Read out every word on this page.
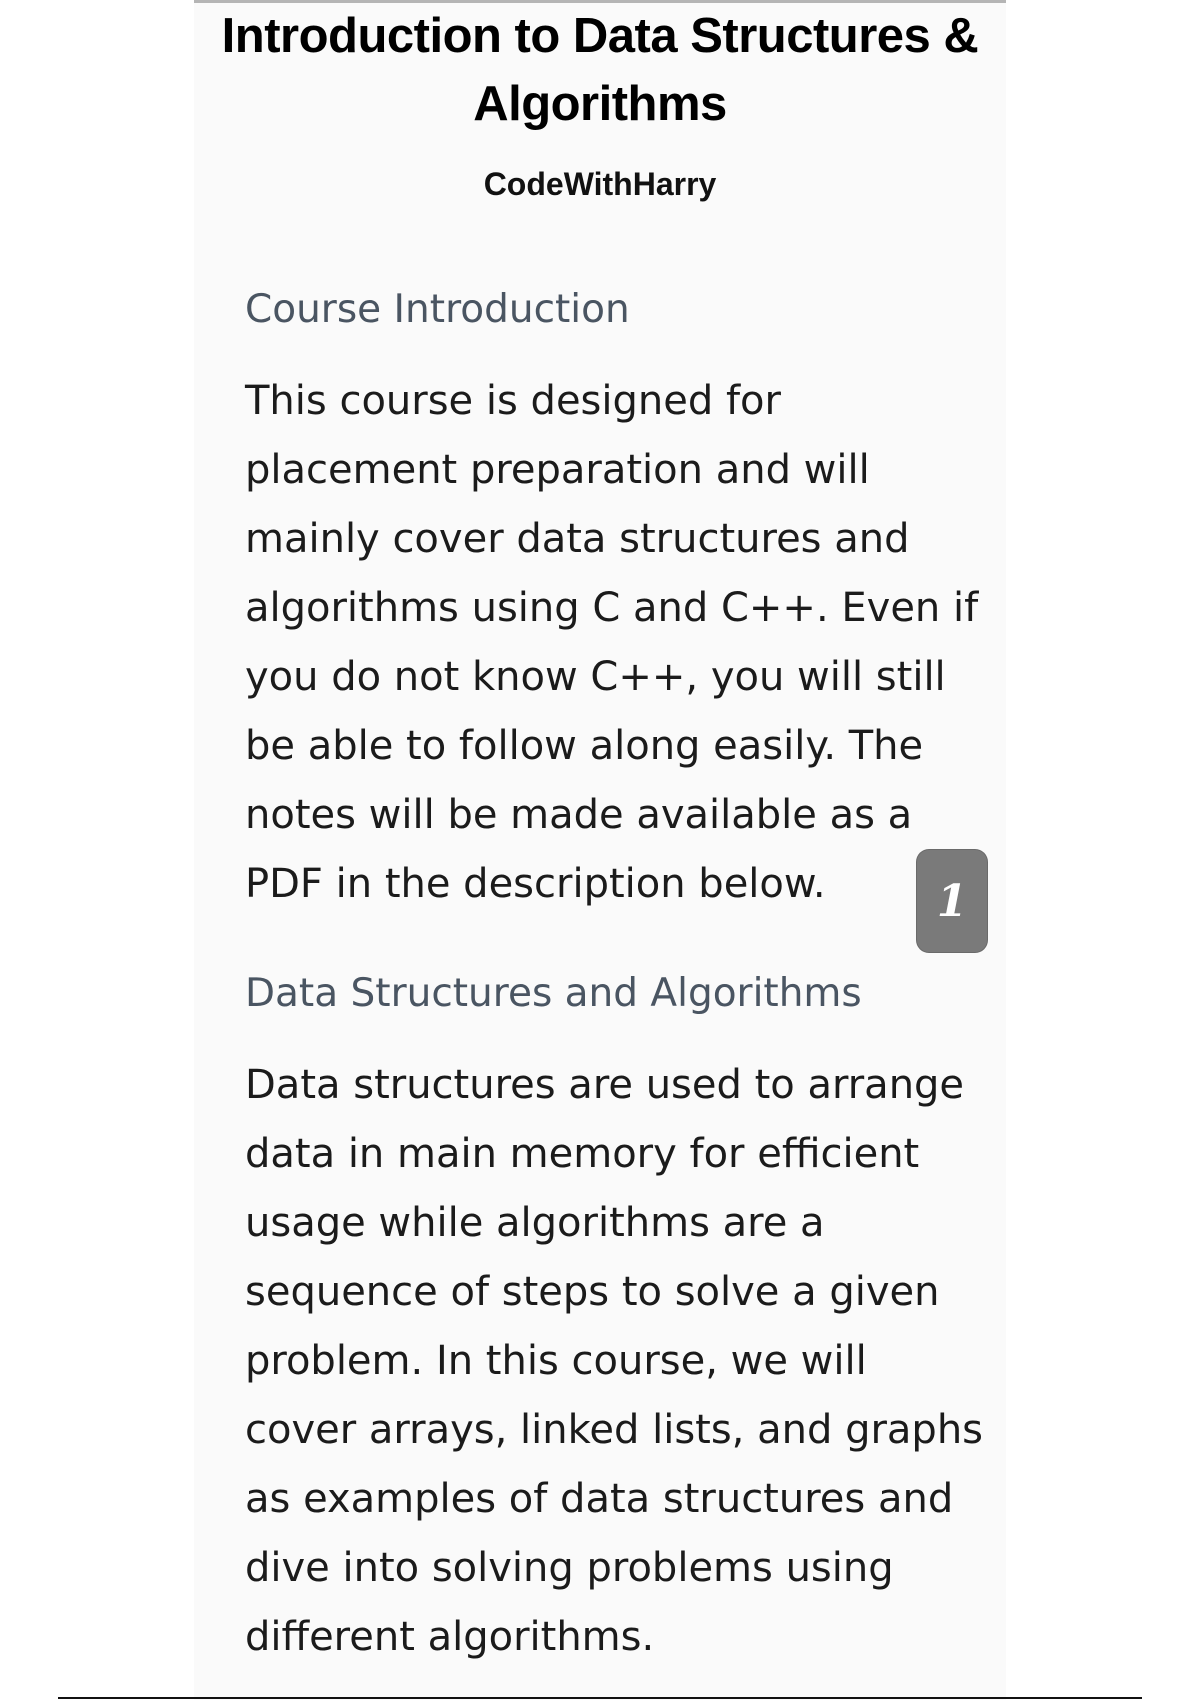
Introduction to Data Structures & Algorithms
CodeWithHarry
Course Introduction

This course is designed for placement preparation and will mainly cover data structures and algorithms using C and C++. Even if you do not know C++, you will still be able to follow along easily. The notes will be made available as a PDF in the description below.

Data Structures and Algorithms

Data structures are used to arrange data in main memory for efficient usage while algorithms are a sequence of steps to solve a given problem. In this course, we will cover arrays, linked lists, and graphs as examples of data structures and dive into solving problems using different algorithms.

1
